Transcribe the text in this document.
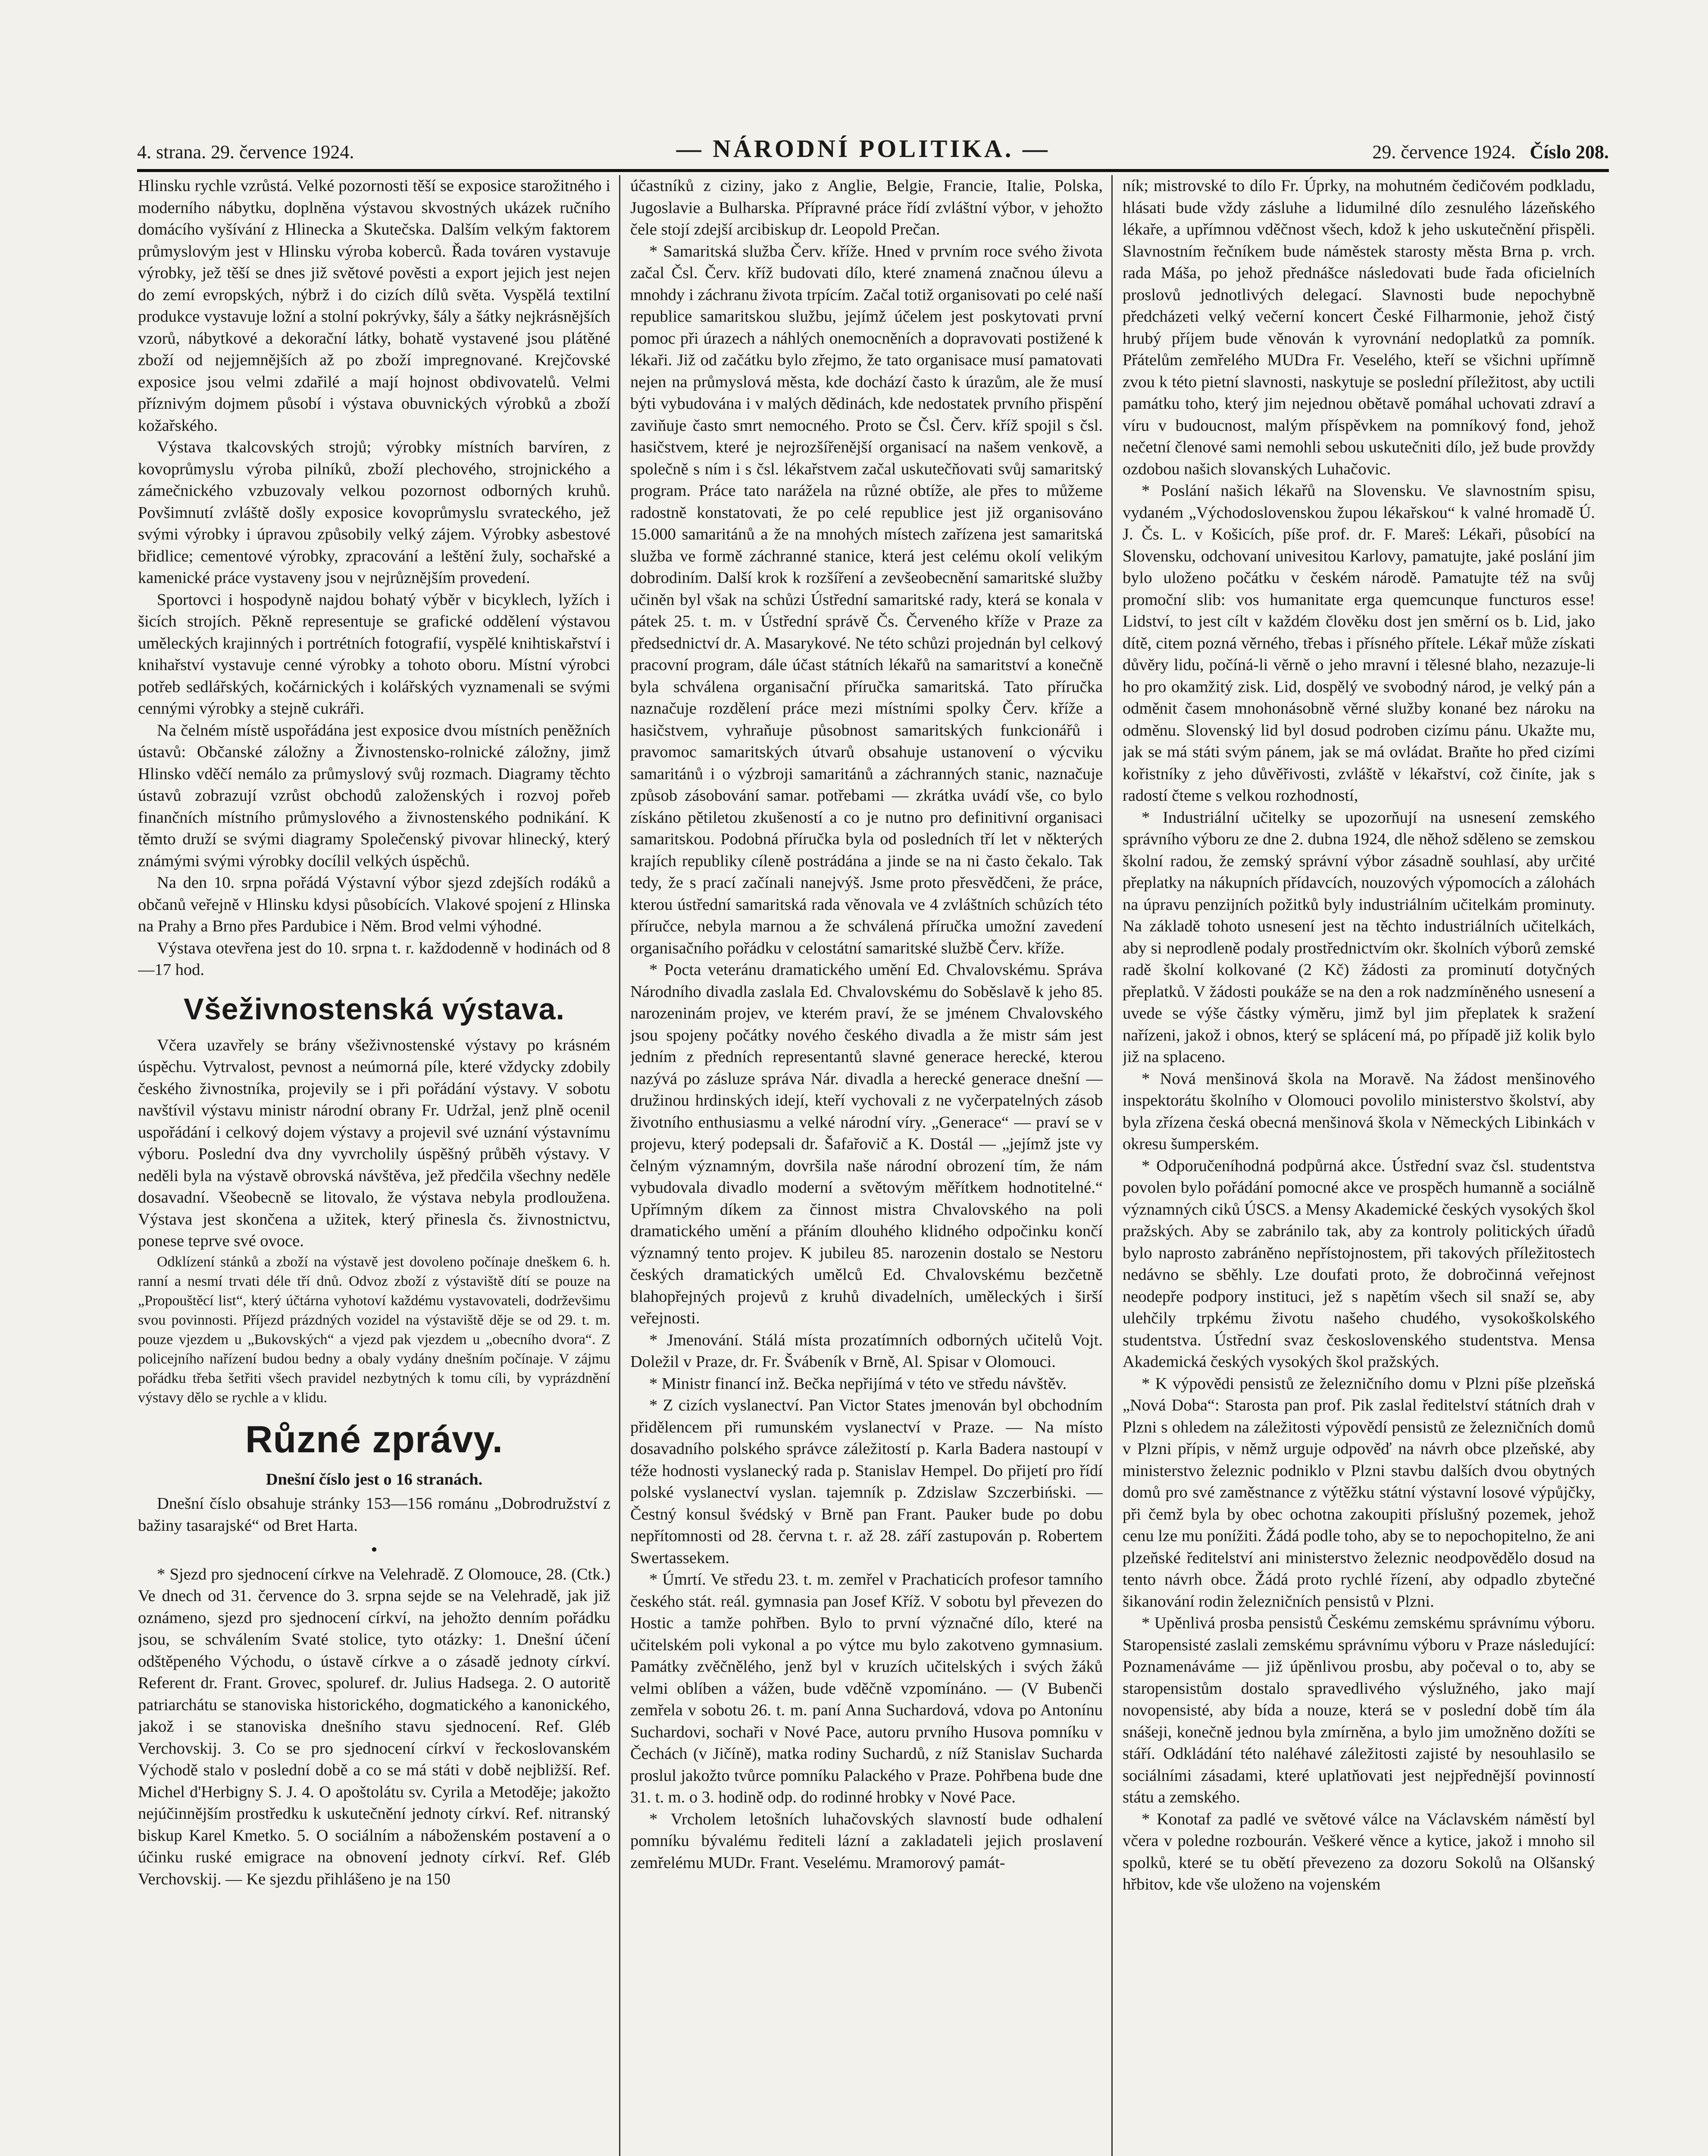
4. strana. 29. července 1924.	— NÁRODNÍ POLITIKA. —	29. července 1924. Číslo 208.

Hlinsku rychle vzrůstá. Velké pozornosti těší se exposice starožitného i moderního nábytku, doplněna výstavou skvostných ukázek ručního domácího vyšívání z Hlinecka a Skutečska. Dalším velkým faktorem průmyslovým jest v Hlinsku výroba koberců. Řada továren vystavuje výrobky, jež těší se dnes již světové pověsti a export jejich jest nejen do zemí evropských, nýbrž i do cizích dílů světa. Vyspělá textilní produkce vystavuje ložní a stolní pokrývky, šály a šátky nejkrásnějších vzorů, nábytkové a dekorační látky, bohatě vystavené jsou plátěné zboží od nejjemnějších až po zboží impregnované. Krejčovské exposice jsou velmi zdařilé a mají hojnost obdivovatelů. Velmi příznivým dojmem působí i výstava obuvnických výrobků a zboží kožařského.

Výstava tkalcovských strojů; výrobky místních barvíren, z kovoprůmyslu výroba pilníků, zboží plechového, strojnického a zámečnického vzbuzovaly velkou pozornost odborných kruhů. Povšimnutí zvláště došly exposice kovoprůmyslu svrateckého, jež svými výrobky i úpravou způsobily velký zájem. Výrobky asbestové břidlice; cementové výrobky, zpracování a leštění žuly, sochařské a kamenické práce vystaveny jsou v nejrůznějším provedení.

Sportovci i hospodyně najdou bohatý výběr v bicyklech, lyžích i šicích strojích. Pěkně representuje se grafické oddělení výstavou uměleckých krajinných i portrétních fotografií, vyspělé knihtiskařství i knihařství vystavuje cenné výrobky a tohoto oboru. Místní výrobci potřeb sedlářských, kočárnických i kolářských vyznamenali se svými cennými výrobky a stejně cukráři.

Na čelném místě uspořádána jest exposice dvou místních peněžních ústavů: Občanské záložny a Živnostensko-rolnické záložny, jimž Hlinsko vděčí nemálo za průmyslový svůj rozmach. Diagramy těchto ústavů zobrazují vzrůst obchodů založenských i rozvoj pořeb finančních místního průmyslového a živnostenského podnikání. K těmto druží se svými diagramy Společenský pivovar hlinecký, který známými svými výrobky docílil velkých úspěchů.

Na den 10. srpna pořádá Výstavní výbor sjezd zdejších rodáků a občanů veřejně v Hlinsku kdysi působících. Vlakové spojení z Hlinska na Prahy a Brno přes Pardubice i Něm. Brod velmi výhodné.

Výstava otevřena jest do 10. srpna t. r. každodenně v hodinách od 8—17 hod.

Všeživnostenská výstava.

Včera uzavřely se brány všeživnostenské výstavy po krásném úspěchu. Vytrvalost, pevnost a neúmorná píle, které vždycky zdobily českého živnostníka, projevily se i při pořádání výstavy. V sobotu navštívil výstavu ministr národní obrany Fr. Udržal, jenž plně ocenil uspořádání i celkový dojem výstavy a projevil své uznání výstavnímu výboru. Poslední dva dny vyvrcholily úspěšný průběh výstavy. V neděli byla na výstavě obrovská návštěva, jež předčila všechny neděle dosavadní. Všeobecně se litovalo, že výstava nebyla prodloužena. Výstava jest skončena a užitek, který přinesla čs. živnostnictvu, ponese teprve své ovoce.

Odklízení stánků a zboží na výstavě jest dovoleno počínaje dneškem 6. h. ranní a nesmí trvati déle tří dnů. Odvoz zboží z výstaviště dítí se pouze na „Propouštěcí list“, který účtárna vyhotoví každému vystavovateli, dodrževšimu svou povinnosti. Příjezd prázdných vozidel na výstaviště děje se od 29. t. m. pouze vjezdem u „Bukovských“ a vjezd pak vjezdem u „obecního dvora“. Z policejního nařízení budou bedny a obaly vydány dnešním počínaje. V zájmu pořádku třeba šetřiti všech pravidel nezbytných k tomu cíli, by vyprázdnění výstavy dělo se rychle a v klidu.

Různé zprávy.

Dnešní číslo jest o 16 stranách.

Dnešní číslo obsahuje stránky 153—156 románu „Dobrodružství z bažiny tasarajské“ od Bret Harta.

•

* Sjezd pro sjednocení církve na Velehradě. Z Olomouce, 28. (Ctk.) Ve dnech od 31. července do 3. srpna sejde se na Velehradě, jak již oznámeno, sjezd pro sjednocení církví, na jehožto denním pořádku jsou, se schválením Svaté stolice, tyto otázky: 1. Dnešní účení odštěpeného Východu, o ústavě církve a o zásadě jednoty církví. Referent dr. Frant. Grovec, spoluref. dr. Julius Hadsega. 2. O autoritě patriarchátu se stanoviska historického, dogmatického a kanonického, jakož i se stanoviska dnešního stavu sjednocení. Ref. Gléb Verchovskij. 3. Co se pro sjednocení církví v řeckoslovanském Východě stalo v poslední době a co se má státi v době nejbližší. Ref. Michel d'Herbigny S. J. 4. O apoštolátu sv. Cyrila a Metoděje; jakožto nejúčinnějším prostředku k uskutečnění jednoty církví. Ref. nitranský biskup Karel Kmetko. 5. O sociálním a náboženském postavení a o účinku ruské emigrace na obnovení jednoty církví. Ref. Gléb Verchovskij. — Ke sjezdu přihlášeno je na 150

účastníků z ciziny, jako z Anglie, Belgie, Francie, Italie, Polska, Jugoslavie a Bulharska. Přípravné práce řídí zvláštní výbor, v jehožto čele stojí zdejší arcibiskup dr. Leopold Prečan.

* Samaritská služba Červ. kříže. Hned v prvním roce svého života začal Čsl. Červ. kříž budovati dílo, které znamená značnou úlevu a mnohdy i záchranu života trpícím. Začal totiž organisovati po celé naší republice samaritskou službu, jejímž účelem jest poskytovati první pomoc při úrazech a náhlých onemocněních a dopravovati postižené k lékaři. Již od začátku bylo zřejmo, že tato organisace musí pamatovati nejen na průmyslová města, kde dochází často k úrazům, ale že musí býti vybudována i v malých dědinách, kde nedostatek prvního přispění zaviňuje často smrt nemocného. Proto se Čsl. Červ. kříž spojil s čsl. hasičstvem, které je nejrozšířenější organisací na našem venkově, a společně s ním i s čsl. lékařstvem začal uskutečňovati svůj samaritský program. Práce tato narážela na různé obtíže, ale přes to můžeme radostně konstatovati, že po celé republice jest již organisováno 15.000 samaritánů a že na mnohých místech zařízena jest samaritská služba ve formě záchranné stanice, která jest celému okolí velikým dobrodiním. Další krok k rozšíření a zevšeobecnění samaritské služby učiněn byl však na schůzi Ústřední samaritské rady, která se konala v pátek 25. t. m. v Ústřední správě Čs. Červeného kříže v Praze za předsednictví dr. A. Masarykové. Ne této schůzi projednán byl celkový pracovní program, dále účast státních lékařů na samaritství a konečně byla schválena organisační příručka samaritská. Tato příručka naznačuje rozdělení práce mezi místními spolky Červ. kříže a hasičstvem, vyhraňuje působnost samaritských funkcionářů i pravomoc samaritských útvarů obsahuje ustanovení o výcviku samaritánů i o výzbroji samaritánů a záchranných stanic, naznačuje způsob zásobování samar. potřebami — zkrátka uvádí vše, co bylo získáno pětiletou zkušeností a co je nutno pro definitivní organisaci samaritskou. Podobná příručka byla od posledních tří let v některých krajích republiky cíleně postrádána a jinde se na ni často čekalo. Tak tedy, že s prací začínali nanejvýš. Jsme proto přesvědčeni, že práce, kterou ústřední samaritská rada věnovala ve 4 zvláštních schůzích této příručce, nebyla marnou a že schválená příručka umožní zavedení organisačního pořádku v celostátní samaritské službě Červ. kříže.

* Pocta veteránu dramatického umění Ed. Chvalovskému. Správa Národního divadla zaslala Ed. Chvalovskému do Soběslavě k jeho 85. narozeninám projev, ve kterém praví, že se jménem Chvalovského jsou spojeny počátky nového českého divadla a že mistr sám jest jedním z předních representantů slavné generace herecké, kterou nazývá po zásluze správa Nár. divadla a herecké generace dnešní — družinou hrdinských idejí, kteří vychovali z ne vyčerpatelných zásob životního enthusiasmu a velké národní víry. „Generace“ — praví se v projevu, který podepsali dr. Šafařovič a K. Dostál — „jejímž jste vy čelným významným, dovršila naše národní obrození tím, že nám vybudovala divadlo moderní a světovým měřítkem hodnotitelné.“ Upřímným díkem za činnost mistra Chvalovského na poli dramatického umění a přáním dlouhého klidného odpočinku končí významný tento projev. K jubileu 85. narozenin dostalo se Nestoru českých dramatických umělců Ed. Chvalovskému bezčetně blahopřejných projevů z kruhů divadelních, uměleckých i širší veřejnosti.

* Jmenování. Stálá místa prozatímních odborných učitelů Vojt. Doležil v Praze, dr. Fr. Švábeník v Brně, Al. Spisar v Olomouci.

* Ministr financí inž. Bečka nepřijímá v této ve středu návštěv.

* Z cizích vyslanectví. Pan Victor States jmenován byl obchodním přidělencem při rumunském vyslanectví v Praze. — Na místo dosavadního polského správce záležitostí p. Karla Badera nastoupí v téže hodnosti vyslanecký rada p. Stanislav Hempel. Do přijetí pro řídí polské vyslanectví vyslan. tajemník p. Zdzislaw Szczerbiński. — Čestný konsul švédský v Brně pan Frant. Pauker bude po dobu nepřítomnosti od 28. června t. r. až 28. září zastupován p. Robertem Swertassekem.

* Úmrtí. Ve středu 23. t. m. zemřel v Prachaticích profesor tamního českého stát. reál. gymnasia pan Josef Kříž. V sobotu byl převezen do Hostic a tamže pohřben. Bylo to první význačné dílo, které na učitelském poli vykonal a po výtce mu bylo zakotveno gymnasium. Památky zvěčnělého, jenž byl v kruzích učitelských i svých žáků velmi oblíben a vážen, bude vděčně vzpomínáno. — (V Bubenči zemřela v sobotu 26. t. m. paní Anna Suchardová, vdova po Antonínu Suchardovi, sochaři v Nové Pace, autoru prvního Husova pomníku v Čechách (v Jičíně), matka rodiny Suchardů, z níž Stanislav Sucharda proslul jakožto tvůrce pomníku Palackého v Praze. Pohřbena bude dne 31. t. m. o 3. hodině odp. do rodinné hrobky v Nové Pace.

* Vrcholem letošních luhačovských slavností bude odhalení pomníku bývalému řediteli lázní a zakladateli jejich proslavení zemřelému MUDr. Frant. Veselému. Mramorový památ-

ník; mistrovské to dílo Fr. Úprky, na mohutném čedičovém podkladu, hlásati bude vždy zásluhe a lidumilné dílo zesnulého lázeňského lékaře, a upřímnou vděčnost všech, kdož k jeho uskutečnění přispěli. Slavnostním řečníkem bude náměstek starosty města Brna p. vrch. rada Máša, po jehož přednášce následovati bude řada oficielních proslovů jednotlivých delegací. Slavnosti bude nepochybně předcházeti velký večerní koncert České Filharmonie, jehož čistý hrubý příjem bude věnován k vyrovnání nedoplatků za pomník. Přátelům zemřelého MUDra Fr. Veselého, kteří se všichni upřímně zvou k této pietní slavnosti, naskytuje se poslední příležitost, aby uctili památku toho, který jim nejednou obětavě pomáhal uchovati zdraví a víru v budoucnost, malým příspěvkem na pomníkový fond, jehož nečetní členové sami nemohli sebou uskutečniti dílo, jež bude provždy ozdobou našich slovanských Luhačovic.

* Poslání našich lékařů na Slovensku. Ve slavnostním spisu, vydaném „Východoslovenskou župou lékařskou“ k valné hromadě Ú. J. Čs. L. v Košicích, píše prof. dr. F. Mareš: Lékaři, působící na Slovensku, odchovaní univesitou Karlovy, pamatujte, jaké poslání jim bylo uloženo počátku v českém národě. Pamatujte též na svůj promoční slib: vos humanitate erga quemcunque functuros esse! Lidství, to jest cílt v každém člověku dost jen směrní os b. Lid, jako dítě, citem pozná věrného, třebas i přísného přítele. Lékař může získati důvěry lidu, počíná-li věrně o jeho mravní i tělesné blaho, nezazuje-li ho pro okamžitý zisk. Lid, dospělý ve svobodný národ, je velký pán a odměnit časem mnohonásobně věrné služby konané bez nároku na odměnu. Slovenský lid byl dosud podroben cizímu pánu. Ukažte mu, jak se má státi svým pánem, jak se má ovládat. Braňte ho před cizími kořistníky z jeho důvěřivosti, zvláště v lékařství, což činíte, jak s radostí čteme s velkou rozhodností,

* Industriální učitelky se upozorňují na usnesení zemského správního výboru ze dne 2. dubna 1924, dle něhož sděleno se zemskou školní radou, že zemský správní výbor zásadně souhlasí, aby určité přeplatky na nákupních přídavcích, nouzových výpomocích a zálohách na úpravu penzijních požitků byly industriálním učitelkám prominuty. Na základě tohoto usnesení jest na těchto industriálních učitelkách, aby si neprodleně podaly prostřednictvím okr. školních výborů zemské radě školní kolkované (2 Kč) žádosti za prominutí dotyčných přeplatků. V žádosti poukáže se na den a rok nadzmíněného usnesení a uvede se výše částky výměru, jimž byl jim přeplatek k sražení nařízeni, jakož i obnos, který se splácení má, po případě již kolik bylo již na splaceno.

* Nová menšinová škola na Moravě. Na žádost menšinového inspektorátu školního v Olomouci povolilo ministerstvo školství, aby byla zřízena česká obecná menšinová škola v Německých Libinkách v okresu šumperském.

* Odporučeníhodná podpůrná akce. Ústřední svaz čsl. studentstva povolen bylo pořádání pomocné akce ve prospěch humanně a sociálně významných ciků ÚSCS. a Mensy Akademické českých vysokých škol pražských. Aby se zabránilo tak, aby za kontroly politických úřadů bylo naprosto zabráněno nepřístojnostem, při takových příležitostech nedávno se sběhly. Lze doufati proto, že dobročinná veřejnost neodepře podpory instituci, jež s napětím všech sil snaží se, aby ulehčily trpkému životu našeho chudého, vysokoškolského studentstva. Ústřední svaz československého studentstva. Mensa Akademická českých vysokých škol pražských.

* K výpovědi pensistů ze železničního domu v Plzni píše plzeňská „Nová Doba“: Starosta pan prof. Pik zaslal ředitelství státních drah v Plzni s ohledem na záležitosti výpovědí pensistů ze železničních domů v Plzni přípis, v němž urguje odpověď na návrh obce plzeňské, aby ministerstvo železnic podniklo v Plzni stavbu dalších dvou obytných domů pro své zaměstnance z výtěžku státní výstavní losové výpůjčky, při čemž byla by obec ochotna zakoupiti příslušný pozemek, jehož cenu lze mu ponížiti. Žádá podle toho, aby se to nepochopitelno, že ani plzeňské ředitelství ani ministerstvo železnic neodpovědělo dosud na tento návrh obce. Žádá proto rychlé řízení, aby odpadlo zbytečné šikanování rodin železničních pensistů v Plzni.

* Upěnlivá prosba pensistů Českému zemskému správnímu výboru. Staropensisté zaslali zemskému správnímu výboru v Praze následující: Poznamenáváme — již úpěnlivou prosbu, aby počeval o to, aby se staropensistům dostalo spravedlivého výslužného, jako mají novopensisté, aby bída a nouze, která se v poslední době tím ála snášeji, konečně jednou byla zmírněna, a bylo jim umožněno dožíti se stáří. Odkládání této naléhavé záležitosti zajisté by nesouhlasilo se sociálními zásadami, které uplatňovati jest nejpřednější povinností státu a zemského.

* Konotaf za padlé ve světové válce na Václavském náměstí byl včera v poledne rozbourán. Veškeré věnce a kytice, jakož i mnoho sil spolků, které se tu obětí převezeno za dozoru Sokolů na Olšanský hřbitov, kde vše uloženo na vojenském
